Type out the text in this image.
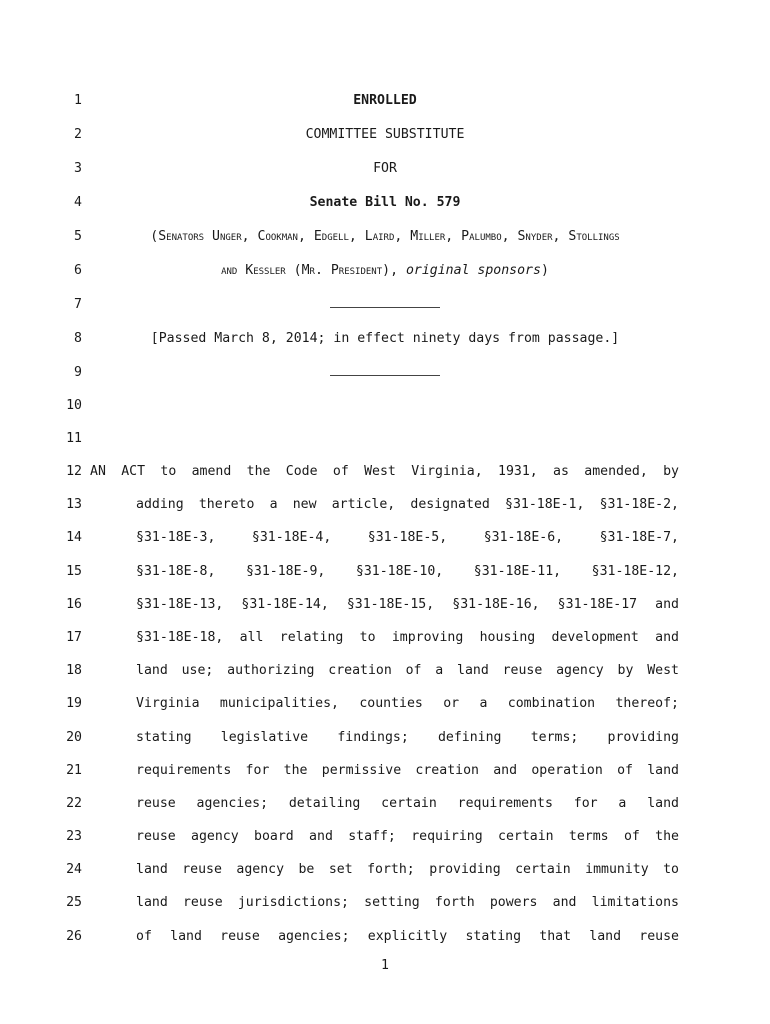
1	ENROLLED
2	COMMITTEE SUBSTITUTE
3	FOR
4	Senate Bill No. 579
5	(Senators Unger, Cookman, Edgell, Laird, Miller, Palumbo, Snyder, Stollings
6	and Kessler (Mr. President), original sponsors)
7
8	[Passed March 8, 2014; in effect ninety days from passage.]
9
10
11
12 AN ACT to amend the Code of West Virginia, 1931, as amended, by
13	adding thereto a new article, designated §31-18E-1, §31-18E-2,
14	§31-18E-3, §31-18E-4, §31-18E-5, §31-18E-6, §31-18E-7,
15	§31-18E-8, §31-18E-9, §31-18E-10, §31-18E-11, §31-18E-12,
16	§31-18E-13, §31-18E-14, §31-18E-15, §31-18E-16, §31-18E-17 and
17	§31-18E-18, all relating to improving housing development and
18	land use; authorizing creation of a land reuse agency by West
19	Virginia municipalities, counties or a combination thereof;
20	stating legislative findings; defining terms; providing
21	requirements for the permissive creation and operation of land
22	reuse agencies; detailing certain requirements for a land
23	reuse agency board and staff; requiring certain terms of the
24	land reuse agency be set forth; providing certain immunity to
25	land reuse jurisdictions; setting forth powers and limitations
26	of land reuse agencies; explicitly stating that land reuse
1
